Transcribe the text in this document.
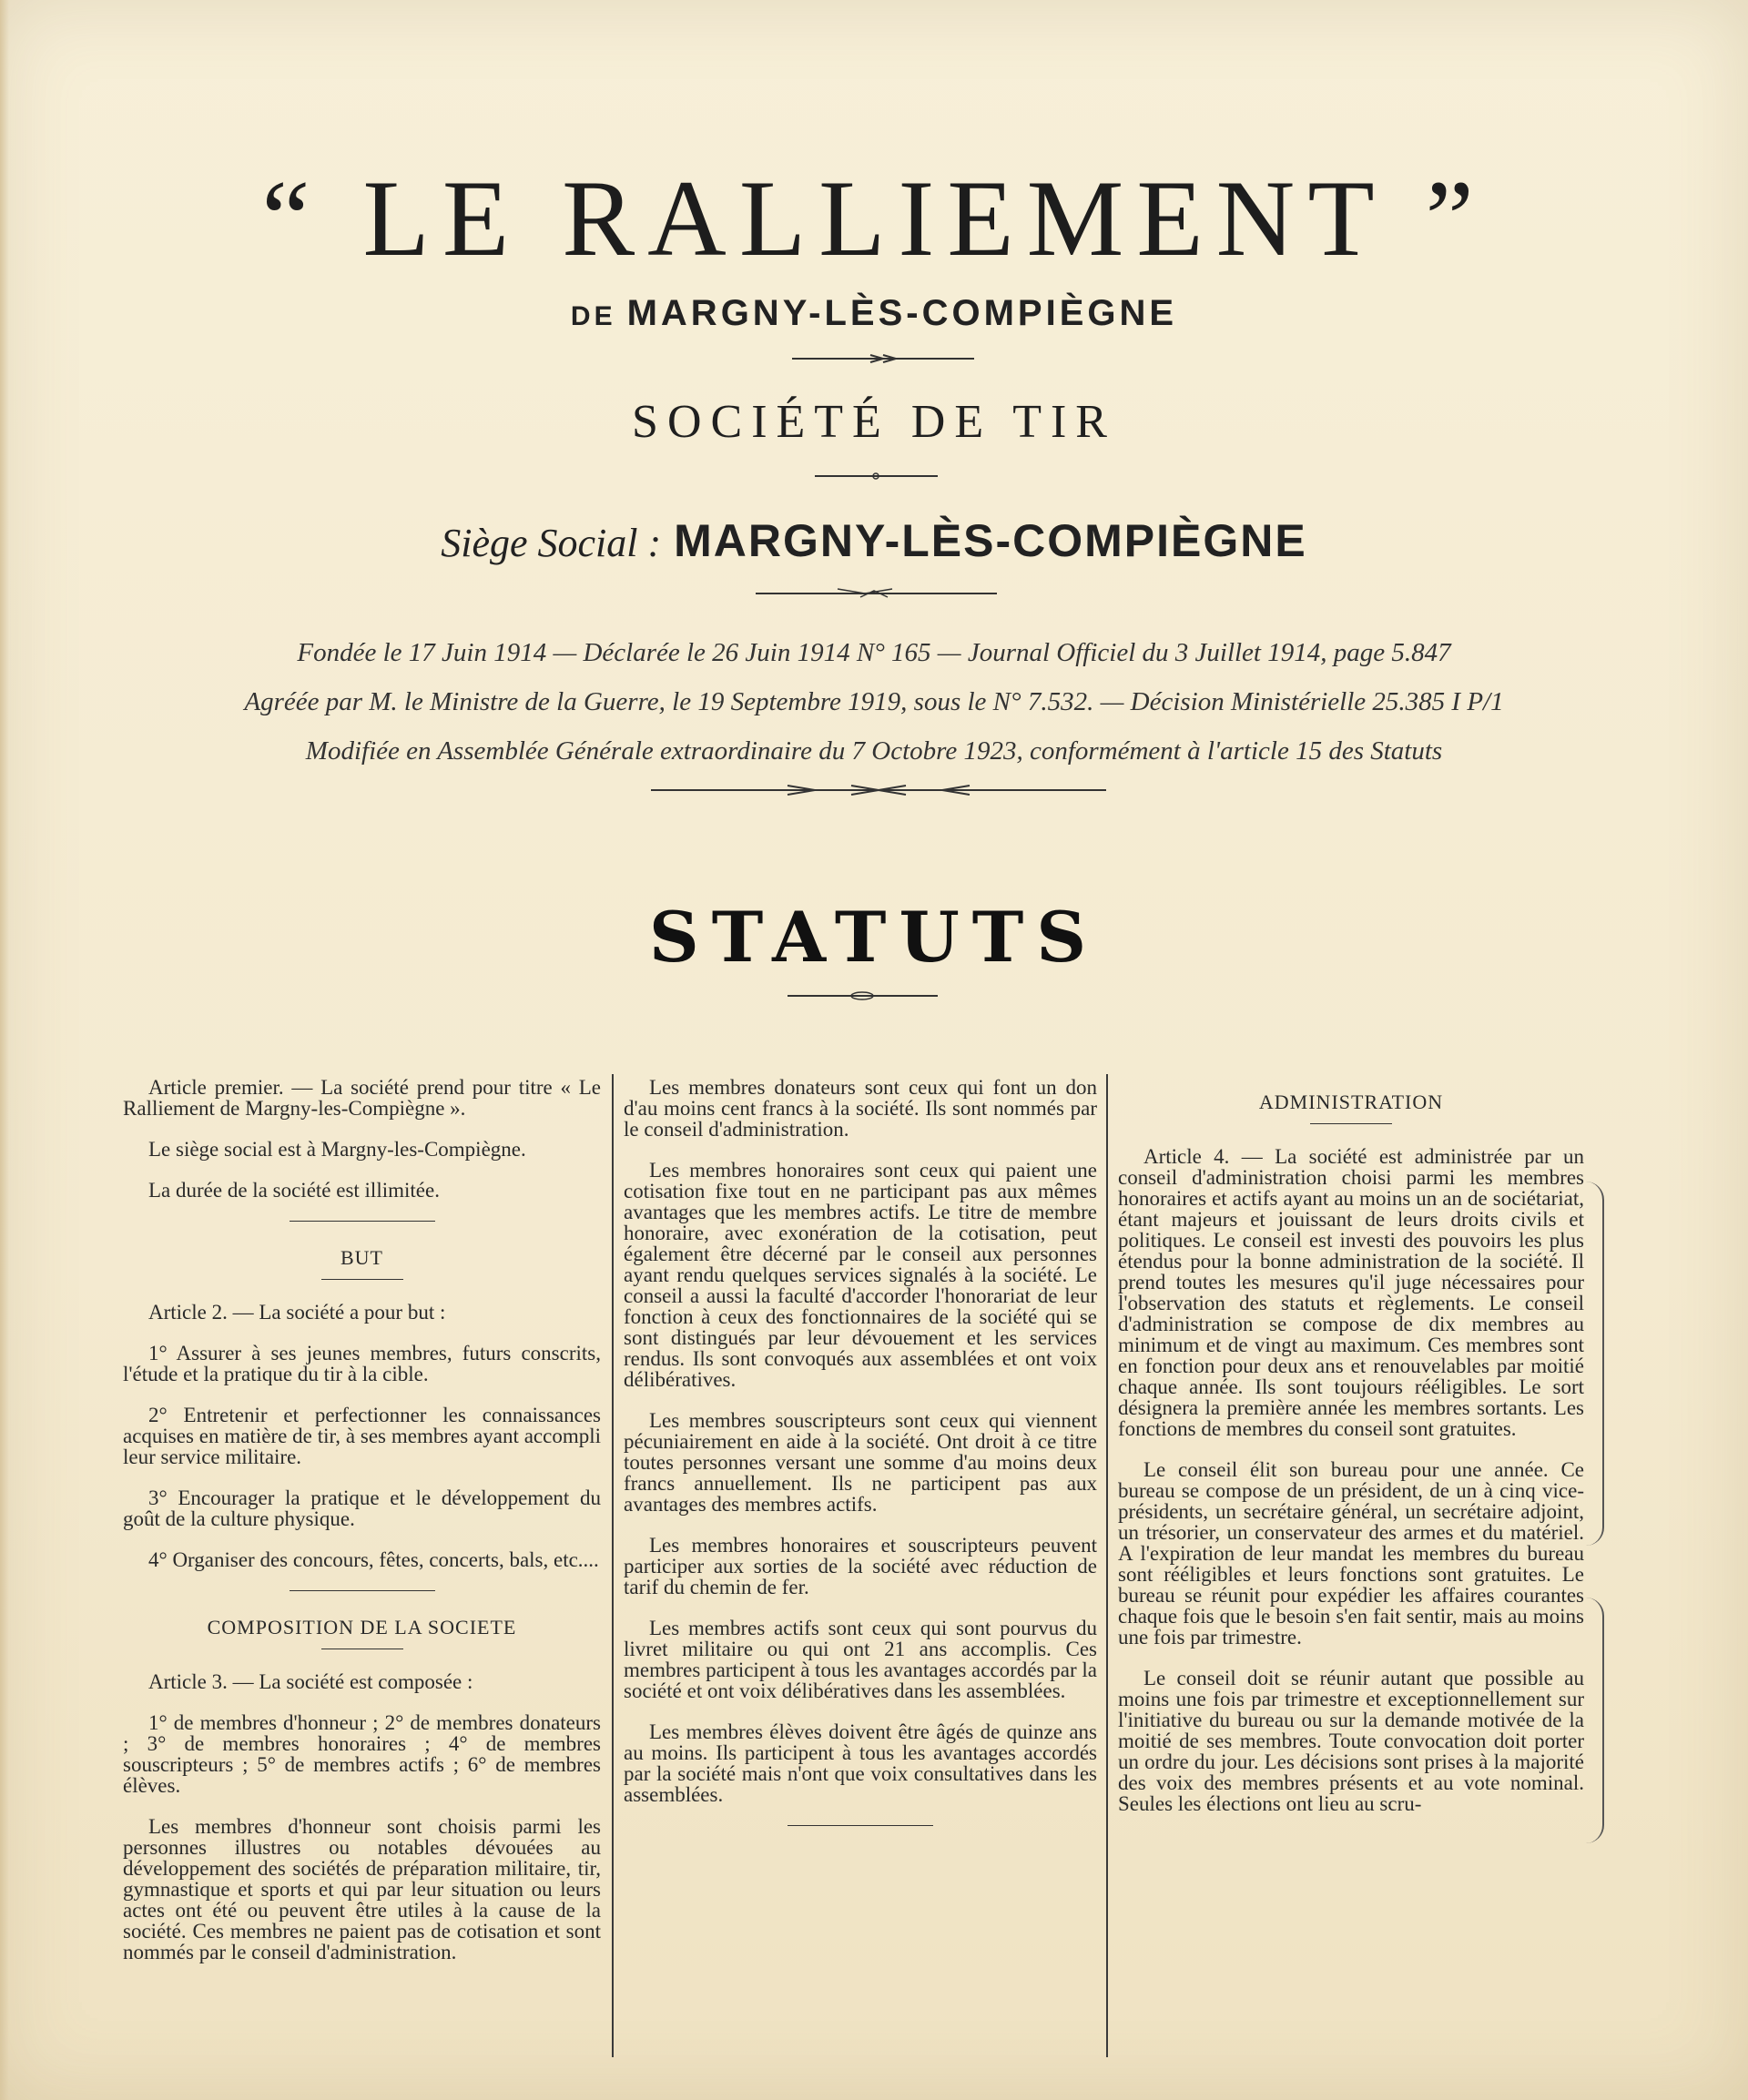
“ LE RALLIEMENT ”
DE MARGNY-LÈS-COMPIÈGNE
SOCIÉTÉ DE TIR
Siège Social : MARGNY-LÈS-COMPIÈGNE
Fondée le 17 Juin 1914 — Déclarée le 26 Juin 1914 N° 165 — Journal Officiel du 3 Juillet 1914, page 5.847
Agréée par M. le Ministre de la Guerre, le 19 Septembre 1919, sous le N° 7.532. — Décision Ministérielle 25.385 I P/1
Modifiée en Assemblée Générale extraordinaire du 7 Octobre 1923, conformément à l'article 15 des Statuts
STATUTS

Article premier. — La société prend pour titre « Le Ralliement de Margny-les-Compiègne ».

Le siège social est à Margny-les-Compiègne.

La durée de la société est illimitée.

BUT

Article 2. — La société a pour but :

1° Assurer à ses jeunes membres, futurs conscrits, l'étude et la pratique du tir à la cible.

2° Entretenir et perfectionner les connaissances acquises en matière de tir, à ses membres ayant accompli leur service militaire.

3° Encourager la pratique et le développement du goût de la culture physique.

4° Organiser des concours, fêtes, concerts, bals, etc....

COMPOSITION DE LA SOCIETE

Article 3. — La société est composée :

1° de membres d'honneur ; 2° de membres donateurs ; 3° de membres honoraires ; 4° de membres souscripteurs ; 5° de membres actifs ; 6° de membres élèves.

Les membres d'honneur sont choisis parmi les personnes illustres ou notables dévouées au développement des sociétés de préparation militaire, tir, gymnastique et sports et qui par leur situation ou leurs actes ont été ou peuvent être utiles à la cause de la société. Ces membres ne paient pas de cotisation et sont nommés par le conseil d'administration.

Les membres donateurs sont ceux qui font un don d'au moins cent francs à la société. Ils sont nommés par le conseil d'administration.

Les membres honoraires sont ceux qui paient une cotisation fixe tout en ne participant pas aux mêmes avantages que les membres actifs. Le titre de membre honoraire, avec exonération de la cotisation, peut également être décerné par le conseil aux personnes ayant rendu quelques services signalés à la société. Le conseil a aussi la faculté d'accorder l'honorariat de leur fonction à ceux des fonctionnaires de la société qui se sont distingués par leur dévouement et les services rendus. Ils sont convoqués aux assemblées et ont voix délibératives.

Les membres souscripteurs sont ceux qui viennent pécuniairement en aide à la société. Ont droit à ce titre toutes personnes versant une somme d'au moins deux francs annuellement. Ils ne participent pas aux avantages des membres actifs.

Les membres honoraires et souscripteurs peuvent participer aux sorties de la société avec réduction de tarif du chemin de fer.

Les membres actifs sont ceux qui sont pourvus du livret militaire ou qui ont 21 ans accomplis. Ces membres participent à tous les avantages accordés par la société et ont voix délibératives dans les assemblées.

Les membres élèves doivent être âgés de quinze ans au moins. Ils participent à tous les avantages accordés par la société mais n'ont que voix consultatives dans les assemblées.

ADMINISTRATION

Article 4. — La société est administrée par un conseil d'administration choisi parmi les membres honoraires et actifs ayant au moins un an de sociétariat, étant majeurs et jouissant de leurs droits civils et politiques. Le conseil est investi des pouvoirs les plus étendus pour la bonne administration de la société. Il prend toutes les mesures qu'il juge nécessaires pour l'observation des statuts et règlements. Le conseil d'administration se compose de dix membres au minimum et de vingt au maximum. Ces membres sont en fonction pour deux ans et renouvelables par moitié chaque année. Ils sont toujours rééligibles. Le sort désignera la première année les membres sortants. Les fonctions de membres du conseil sont gratuites.

Le conseil élit son bureau pour une année. Ce bureau se compose de un président, de un à cinq vice-présidents, un secrétaire général, un secrétaire adjoint, un trésorier, un conservateur des armes et du matériel. A l'expiration de leur mandat les membres du bureau sont rééligibles et leurs fonctions sont gratuites. Le bureau se réunit pour expédier les affaires courantes chaque fois que le besoin s'en fait sentir, mais au moins une fois par trimestre.

Le conseil doit se réunir autant que possible au moins une fois par trimestre et exceptionnellement sur l'initiative du bureau ou sur la demande motivée de la moitié de ses membres. Toute convocation doit porter un ordre du jour. Les décisions sont prises à la majorité des voix des membres présents et au vote nominal. Seules les élections ont lieu au scru-
